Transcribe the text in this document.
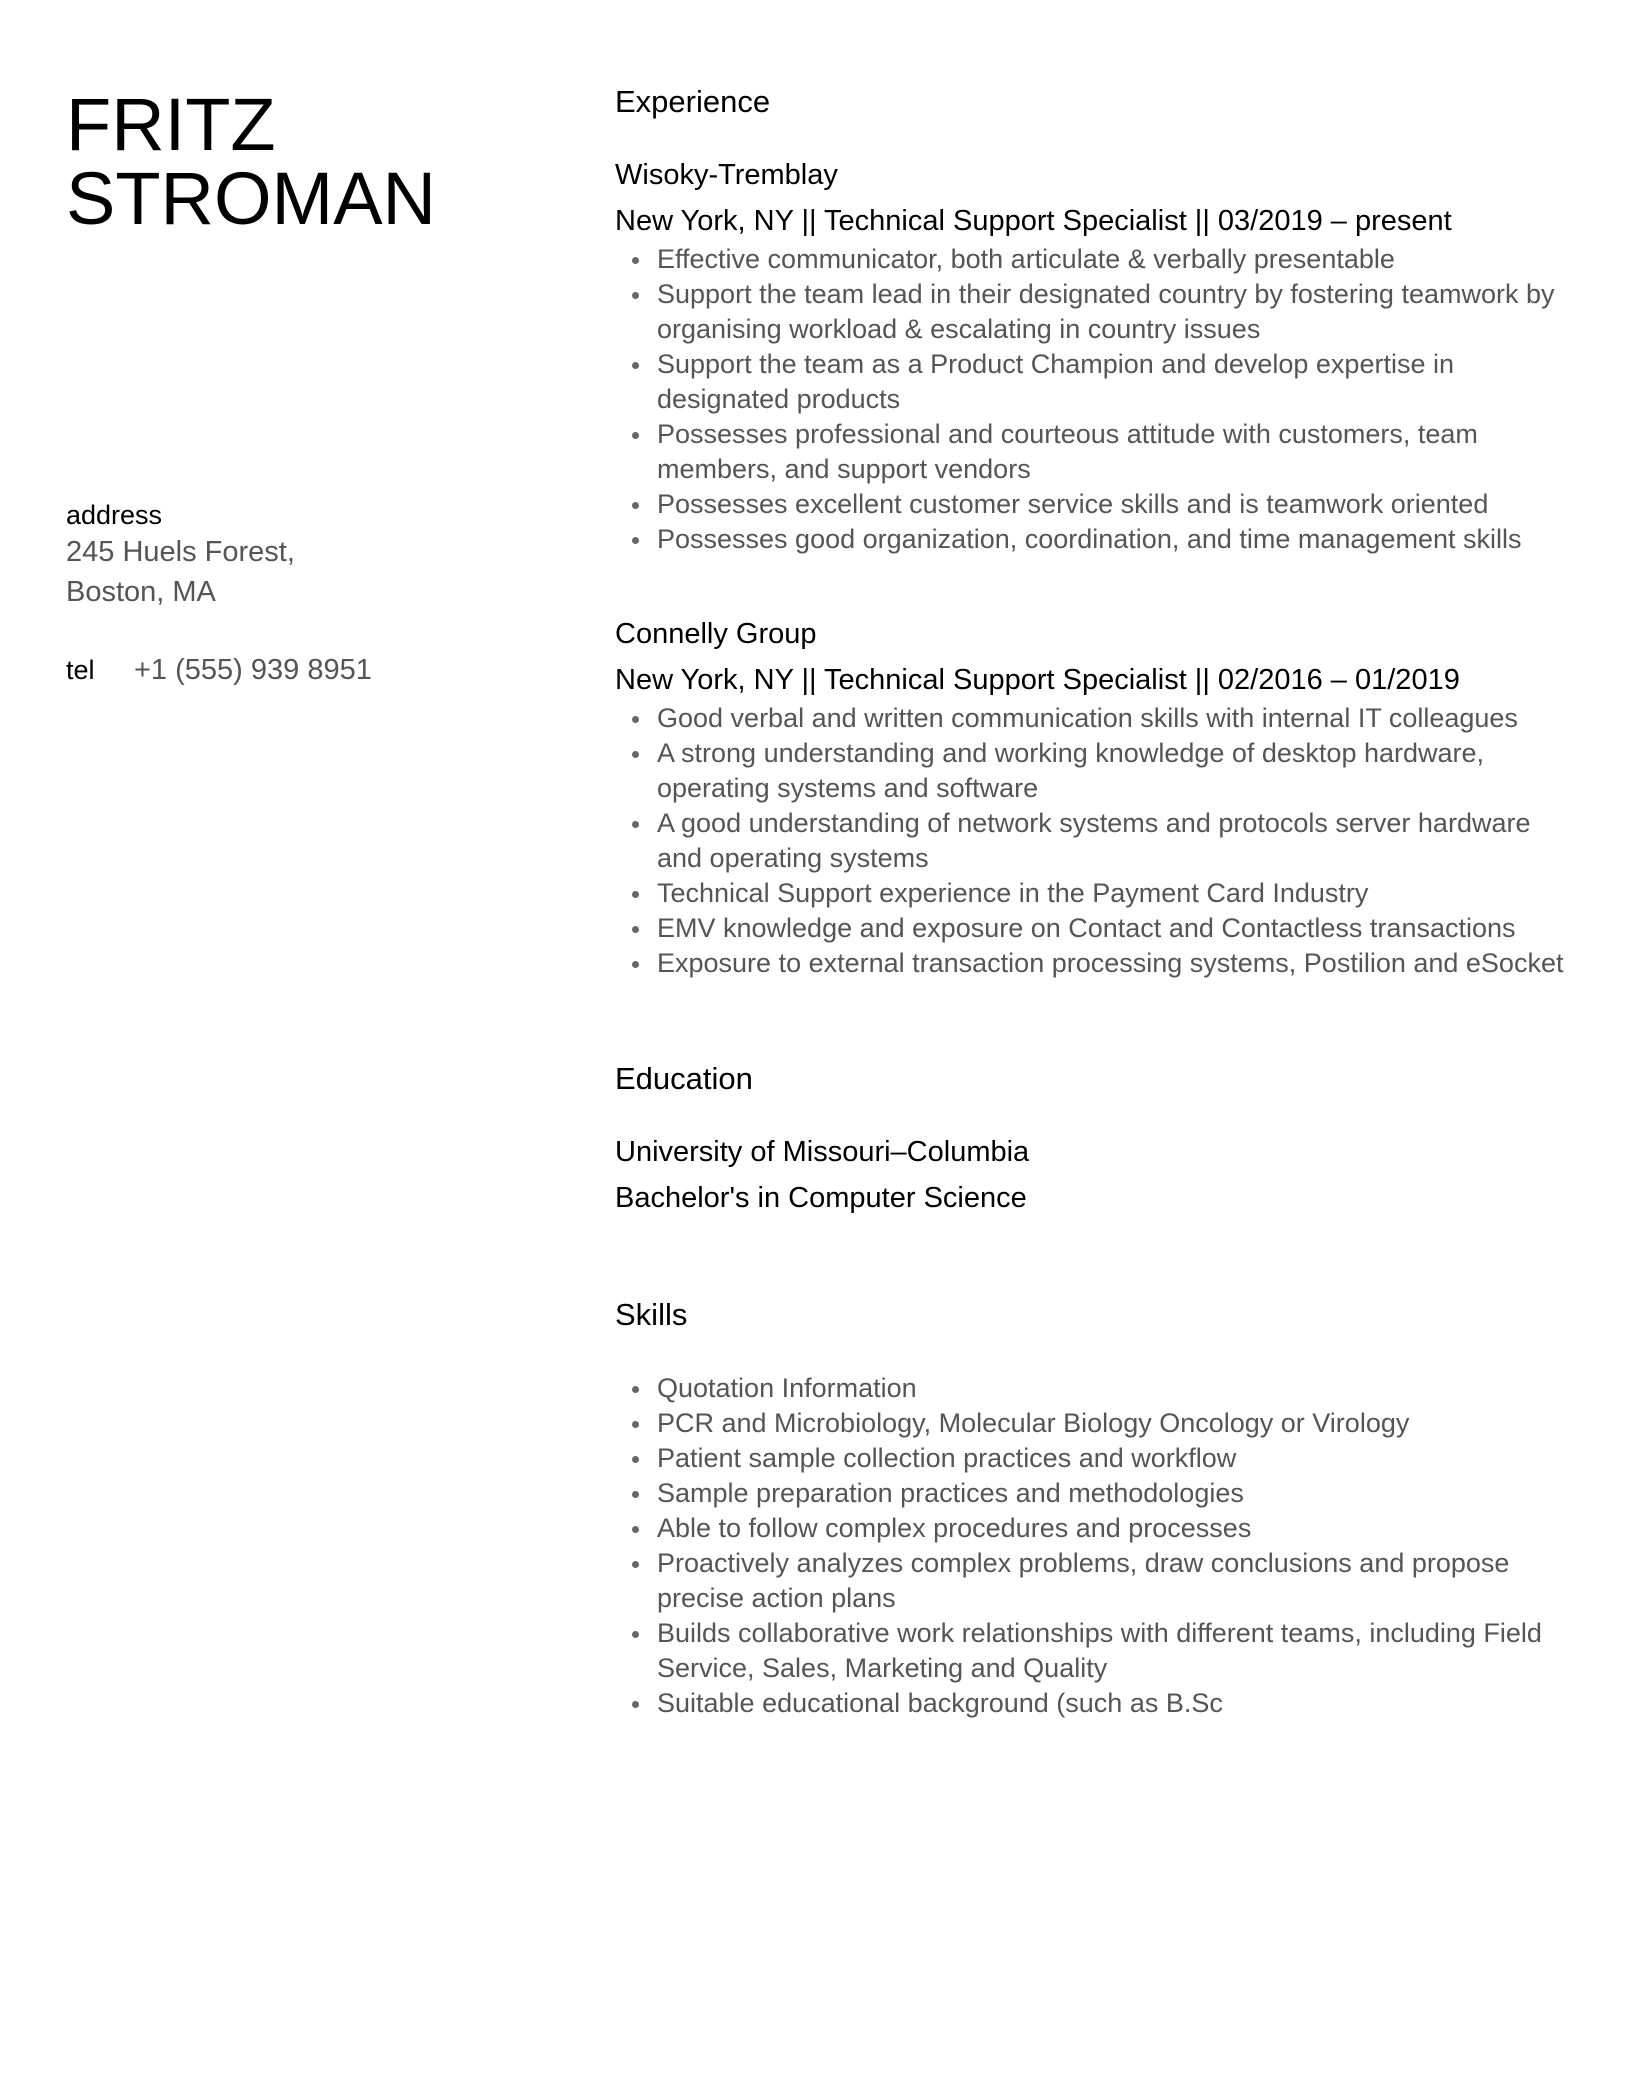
FRITZ
STROMAN
address
245 Huels Forest,
Boston, MA
tel	+1 (555) 939 8951
Experience
Wisoky-Tremblay
New York, NY || Technical Support Specialist || 03/2019 – present
Effective communicator, both articulate & verbally presentable
Support the team lead in their designated country by fostering teamwork by organising workload & escalating in country issues
Support the team as a Product Champion and develop expertise in designated products
Possesses professional and courteous attitude with customers, team members, and support vendors
Possesses excellent customer service skills and is teamwork oriented
Possesses good organization, coordination, and time management skills
Connelly Group
New York, NY || Technical Support Specialist || 02/2016 – 01/2019
Good verbal and written communication skills with internal IT colleagues
A strong understanding and working knowledge of desktop hardware, operating systems and software
A good understanding of network systems and protocols server hardware and operating systems
Technical Support experience in the Payment Card Industry
EMV knowledge and exposure on Contact and Contactless transactions
Exposure to external transaction processing systems, Postilion and eSocket
Education
University of Missouri–Columbia
Bachelor's in Computer Science
Skills
Quotation Information
PCR and Microbiology, Molecular Biology Oncology or Virology
Patient sample collection practices and workflow
Sample preparation practices and methodologies
Able to follow complex procedures and processes
Proactively analyzes complex problems, draw conclusions and propose precise action plans
Builds collaborative work relationships with different teams, including Field Service, Sales, Marketing and Quality
Suitable educational background (such as B.Sc
